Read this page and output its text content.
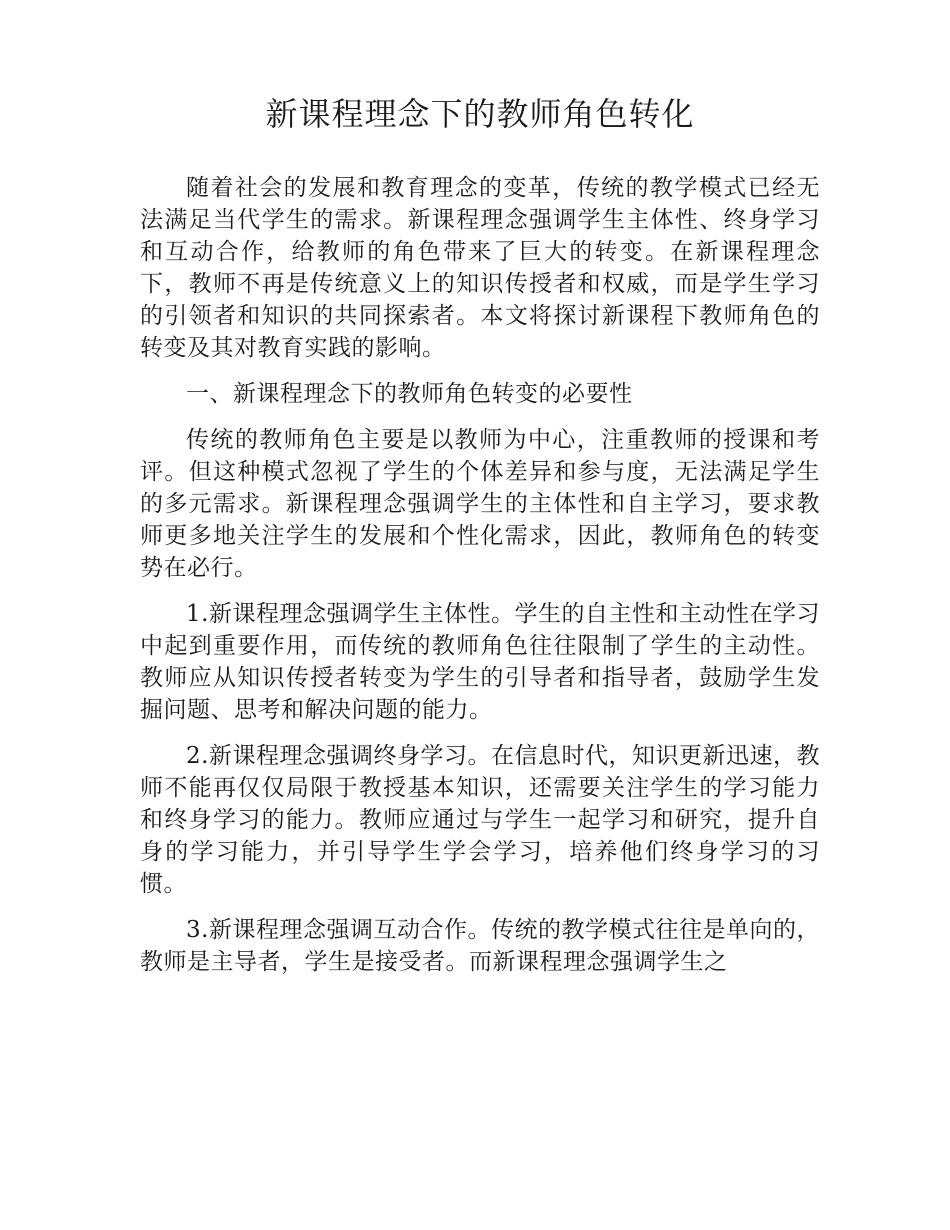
新课程理念下的教师角色转化

随着社会的发展和教育理念的变革，传统的教学模式已经无法满足当代学生的需求。新课程理念强调学生主体性、终身学习和互动合作，给教师的角色带来了巨大的转变。在新课程理念下，教师不再是传统意义上的知识传授者和权威，而是学生学习的引领者和知识的共同探索者。本文将探讨新课程下教师角色的转变及其对教育实践的影响。

一、新课程理念下的教师角色转变的必要性

传统的教师角色主要是以教师为中心，注重教师的授课和考评。但这种模式忽视了学生的个体差异和参与度，无法满足学生的多元需求。新课程理念强调学生的主体性和自主学习，要求教师更多地关注学生的发展和个性化需求，因此，教师角色的转变势在必行。

1.新课程理念强调学生主体性。学生的自主性和主动性在学习中起到重要作用，而传统的教师角色往往限制了学生的主动性。教师应从知识传授者转变为学生的引导者和指导者，鼓励学生发掘问题、思考和解决问题的能力。

2.新课程理念强调终身学习。在信息时代，知识更新迅速，教师不能再仅仅局限于教授基本知识，还需要关注学生的学习能力和终身学习的能力。教师应通过与学生一起学习和研究，提升自身的学习能力，并引导学生学会学习，培养他们终身学习的习惯。

3.新课程理念强调互动合作。传统的教学模式往往是单向的，教师是主导者，学生是接受者。而新课程理念强调学生之
